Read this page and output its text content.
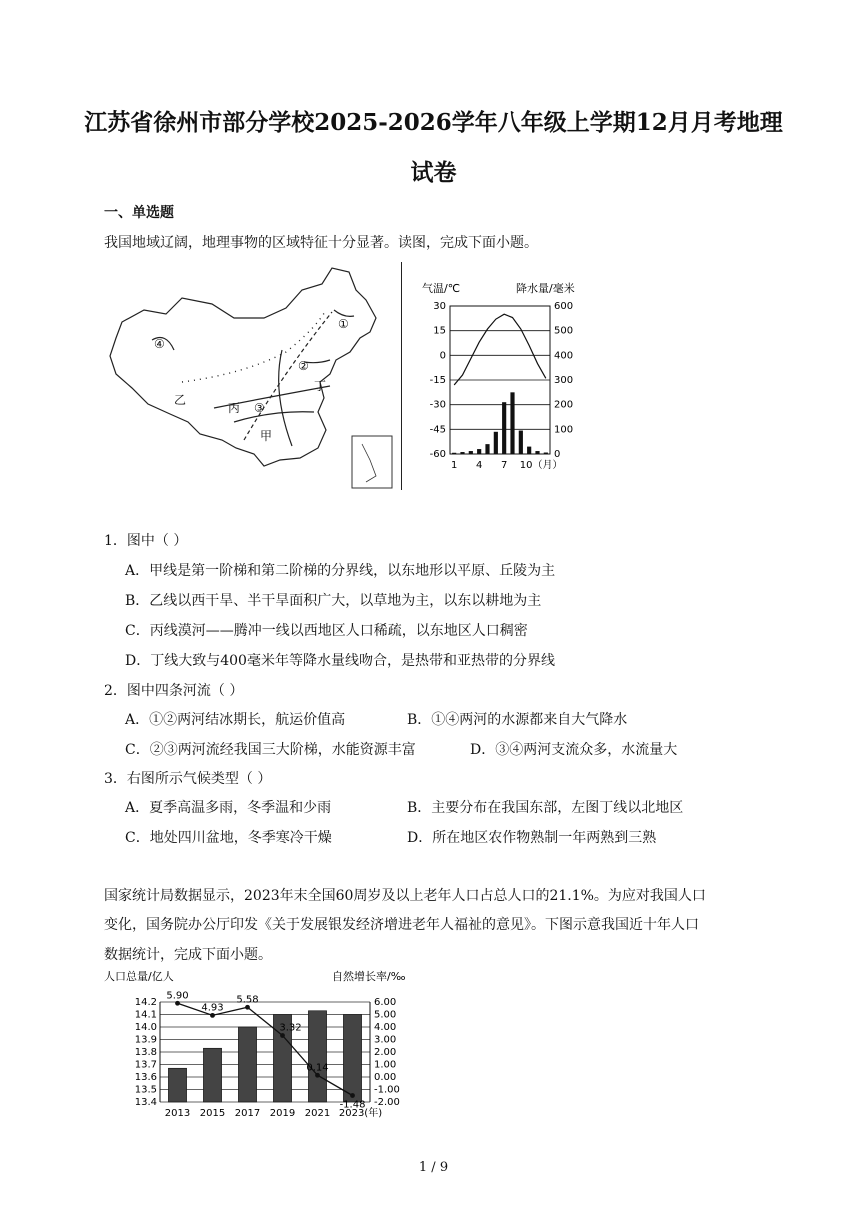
江苏省徐州市部分学校2025-2026学年八年级上学期12月月考地理
试卷
一、单选题
我国地域辽阔，地理事物的区域特征十分显著。读图，完成下面小题。
①
②
③
④
甲
乙
丙
丁
气温/℃	降水量/毫米
30
15
0
-15
-30
-45
-60
600
500
400
300
200
100
0
1 4 7 10（月）
1．图中（ ）
A．甲线是第一阶梯和第二阶梯的分界线，以东地形以平原、丘陵为主
B．乙线以西干旱、半干旱面积广大，以草地为主，以东以耕地为主
C．丙线漠河——腾冲一线以西地区人口稀疏，以东地区人口稠密
D．丁线大致与400毫米年等降水量线吻合，是热带和亚热带的分界线
2．图中四条河流（ ）
A．①②两河结冰期长，航运价值高	B．①④两河的水源都来自大气降水
C．②③两河流经我国三大阶梯，水能资源丰富	D．③④两河支流众多，水流量大
3．右图所示气候类型（ ）
A．夏季高温多雨，冬季温和少雨	B．主要分布在我国东部，左图丁线以北地区
C．地处四川盆地，冬季寒冷干燥	D．所在地区农作物熟制一年两熟到三熟
国家统计局数据显示，2023年末全国60周岁及以上老年人口占总人口的21.1%。为应对我国人口
变化，国务院办公厅印发《关于发展银发经济增进老年人福祉的意见》。下图示意我国近十年人口
数据统计，完成下面小题。
人口总量/亿人	自然增长率/‰
5.90
4.93
5.58
3.32
0.14
-1.48
14.2
14.1
14.0
13.9
13.8
13.7
13.6
13.5
13.4
6.00
5.00
4.00
3.00
2.00
1.00
0.00
-1.00
-2.00
2013 2015 2017 2019 2021 2023(年)
1 / 9
